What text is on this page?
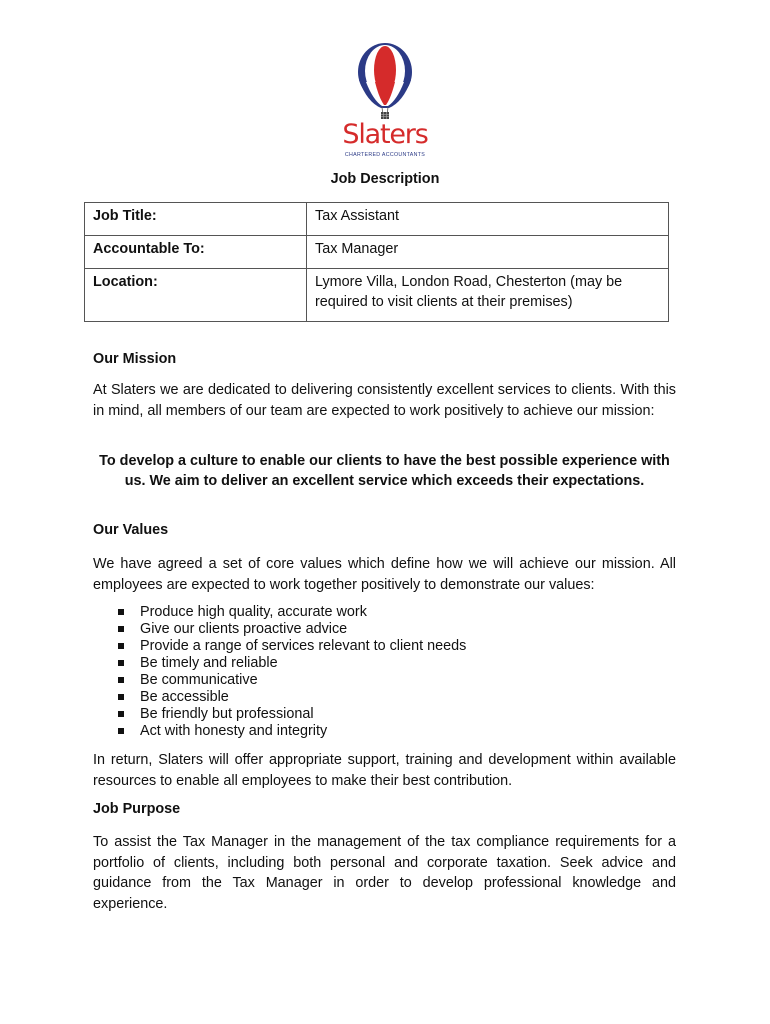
Slaters
CHARTERED ACCOUNTANTS
Job Description
Job Title:	Tax Assistant
Accountable To:	Tax Manager
Location:	Lymore Villa, London Road, Chesterton (may be required to visit clients at their premises)
Our Mission

At Slaters we are dedicated to delivering consistently excellent services to clients. With this in mind, all members of our team are expected to work positively to achieve our mission:

To develop a culture to enable our clients to have the best possible experience with us. We aim to deliver an excellent service which exceeds their expectations.

Our Values

We have agreed a set of core values which define how we will achieve our mission. All employees are expected to work together positively to demonstrate our values:

Produce high quality, accurate work
Give our clients proactive advice
Provide a range of services relevant to client needs
Be timely and reliable
Be communicative
Be accessible
Be friendly but professional
Act with honesty and integrity

In return, Slaters will offer appropriate support, training and development within available resources to enable all employees to make their best contribution.

Job Purpose

To assist the Tax Manager in the management of the tax compliance requirements for a portfolio of clients, including both personal and corporate taxation. Seek advice and guidance from the Tax Manager in order to develop professional knowledge and experience.
